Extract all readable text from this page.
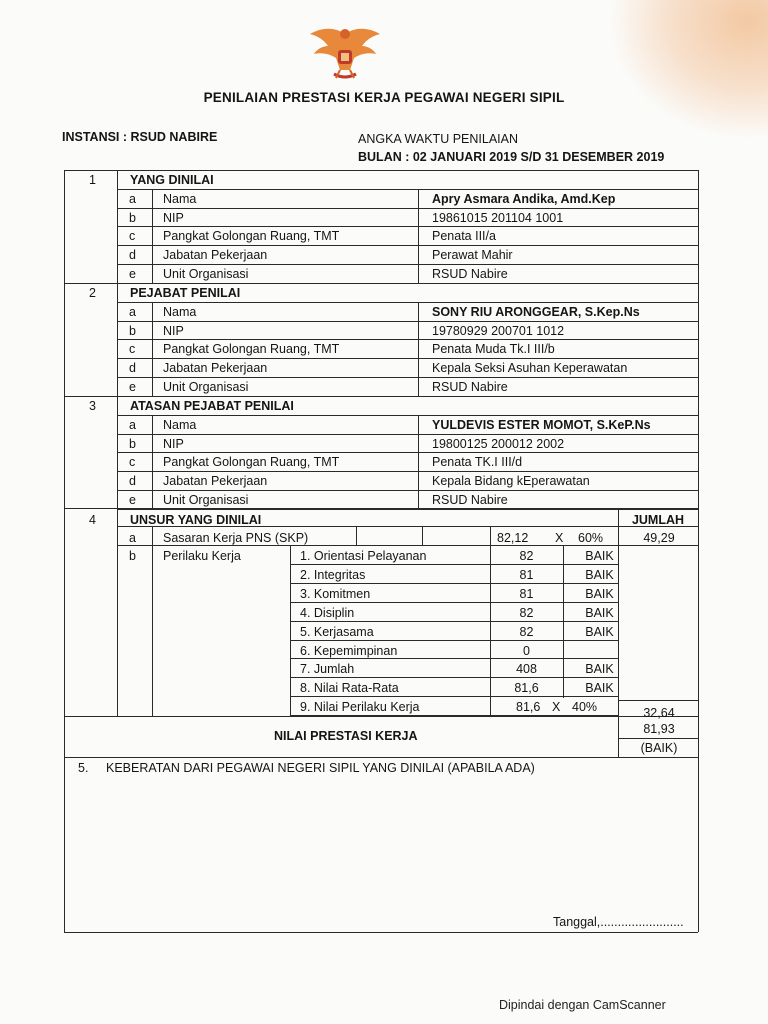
PENILAIAN PRESTASI KERJA PEGAWAI NEGERI SIPIL
INSTANSI : RSUD NABIRE	ANGKA WAKTU PENILAIAN
BULAN : 02 JANUARI 2019 S/D 31 DESEMBER 2019
1	YANG DINILAI
a Nama	Apry Asmara Andika, Amd.Kep
b NIP	19861015 201104 1001
c Pangkat Golongan Ruang, TMT	Penata III/a
d Jabatan Pekerjaan	Perawat Mahir
e Unit Organisasi	RSUD Nabire
2	PEJABAT PENILAI
a Nama	SONY RIU ARONGGEAR, S.Kep.Ns
b NIP	19780929 200701 1012
c Pangkat Golongan Ruang, TMT	Penata Muda Tk.I III/b
d Jabatan Pekerjaan	Kepala Seksi Asuhan Keperawatan
e Unit Organisasi	RSUD Nabire
3	ATASAN PEJABAT PENILAI
a Nama	YULDEVIS ESTER MOMOT, S.KeP.Ns
b NIP	19800125 200012 2002
c Pangkat Golongan Ruang, TMT	Penata TK.I III/d
d Jabatan Pekerjaan	Kepala Bidang kEperawatan
e Unit Organisasi	RSUD Nabire
4	UNSUR YANG DINILAI	JUMLAH
a Sasaran Kerja PNS (SKP)	82,12 X 60%	49,29
b Perilaku Kerja	1. Orientasi Pelayanan	82	BAIK
2. Integritas	81	BAIK
3. Komitmen	81	BAIK
4. Disiplin	82	BAIK
5. Kerjasama	82	BAIK
6. Kepemimpinan	0
7. Jumlah	408	BAIK
8. Nilai Rata-Rata	81,6	BAIK
9. Nilai Perilaku Kerja	81,6 X 40%	32,64
NILAI PRESTASI KERJA	81,93
(BAIK)
5. KEBERATAN DARI PEGAWAI NEGERI SIPIL YANG DINILAI (APABILA ADA)
Tanggal,........................
Dipindai dengan CamScanner
